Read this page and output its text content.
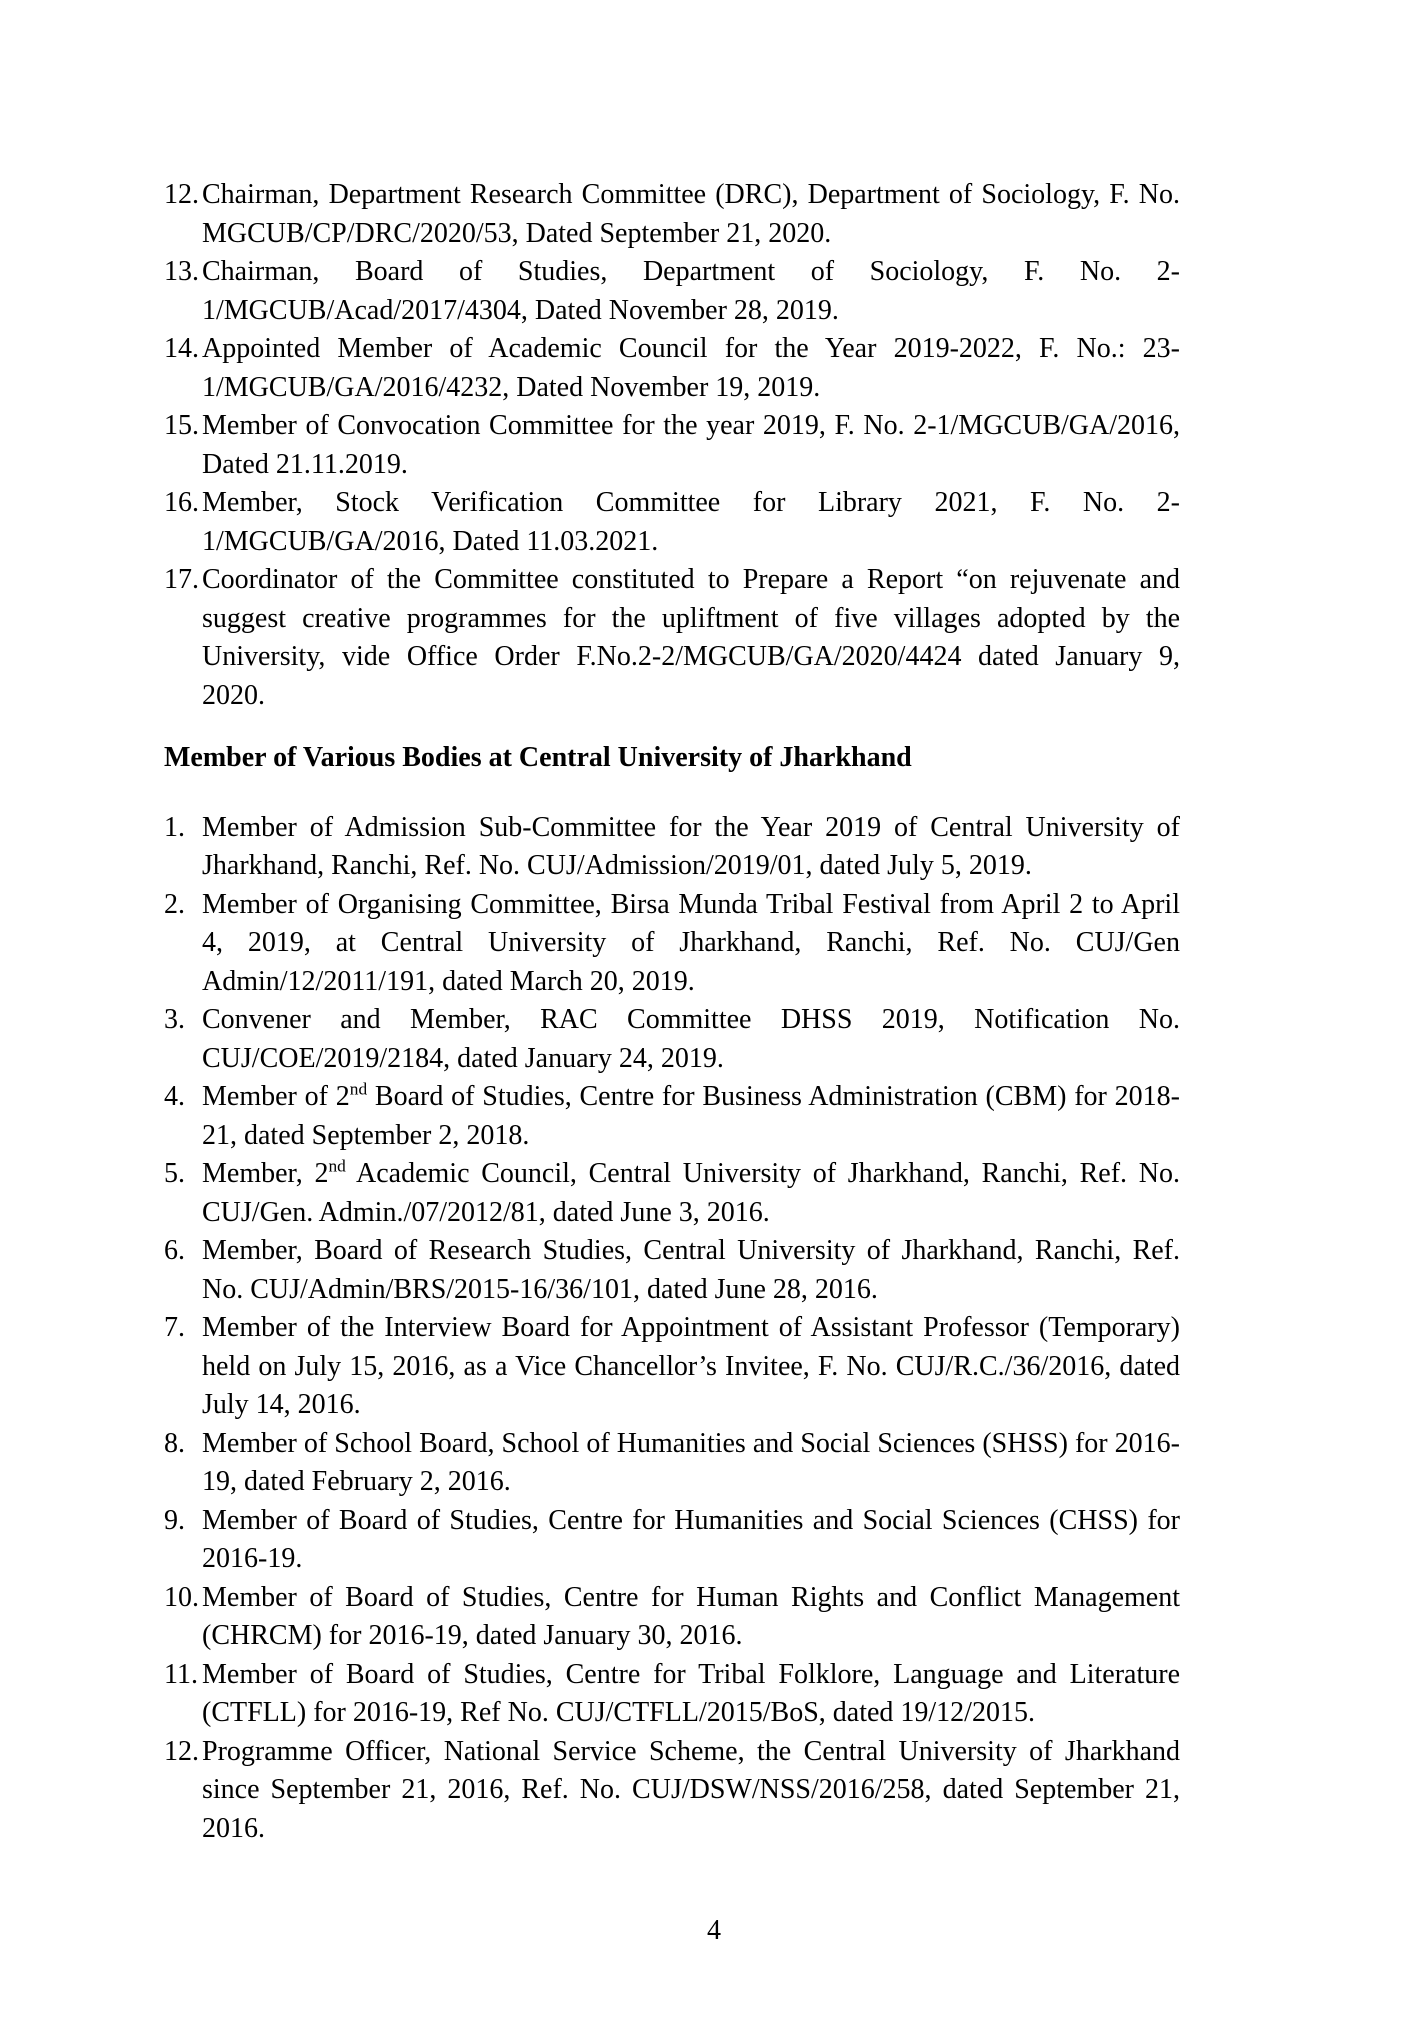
12. Chairman, Department Research Committee (DRC), Department of Sociology, F. No. MGCUB/CP/DRC/2020/53, Dated September 21, 2020.
13. Chairman, Board of Studies, Department of Sociology, F. No. 2-1/MGCUB/Acad/2017/4304, Dated November 28, 2019.
14. Appointed Member of Academic Council for the Year 2019-2022, F. No.: 23-1/MGCUB/GA/2016/4232, Dated November 19, 2019.
15. Member of Convocation Committee for the year 2019, F. No. 2-1/MGCUB/GA/2016, Dated 21.11.2019.
16. Member, Stock Verification Committee for Library 2021, F. No. 2-1/MGCUB/GA/2016, Dated 11.03.2021.
17. Coordinator of the Committee constituted to Prepare a Report “on rejuvenate and suggest creative programmes for the upliftment of five villages adopted by the University, vide Office Order F.No.2-2/MGCUB/GA/2020/4424 dated January 9, 2020.
Member of Various Bodies at Central University of Jharkhand
1. Member of Admission Sub-Committee for the Year 2019 of Central University of Jharkhand, Ranchi, Ref. No. CUJ/Admission/2019/01, dated July 5, 2019.
2. Member of Organising Committee, Birsa Munda Tribal Festival from April 2 to April 4, 2019, at Central University of Jharkhand, Ranchi, Ref. No. CUJ/Gen Admin/12/2011/191, dated March 20, 2019.
3. Convener and Member, RAC Committee DHSS 2019, Notification No. CUJ/COE/2019/2184, dated January 24, 2019.
4. Member of 2nd Board of Studies, Centre for Business Administration (CBM) for 2018-21, dated September 2, 2018.
5. Member, 2nd Academic Council, Central University of Jharkhand, Ranchi, Ref. No. CUJ/Gen. Admin./07/2012/81, dated June 3, 2016.
6. Member, Board of Research Studies, Central University of Jharkhand, Ranchi, Ref. No. CUJ/Admin/BRS/2015-16/36/101, dated June 28, 2016.
7. Member of the Interview Board for Appointment of Assistant Professor (Temporary) held on July 15, 2016, as a Vice Chancellor’s Invitee, F. No. CUJ/R.C./36/2016, dated July 14, 2016.
8. Member of School Board, School of Humanities and Social Sciences (SHSS) for 2016-19, dated February 2, 2016.
9. Member of Board of Studies, Centre for Humanities and Social Sciences (CHSS) for 2016-19.
10. Member of Board of Studies, Centre for Human Rights and Conflict Management (CHRCM) for 2016-19, dated January 30, 2016.
11. Member of Board of Studies, Centre for Tribal Folklore, Language and Literature (CTFLL) for 2016-19, Ref No. CUJ/CTFLL/2015/BoS, dated 19/12/2015.
12. Programme Officer, National Service Scheme, the Central University of Jharkhand since September 21, 2016, Ref. No. CUJ/DSW/NSS/2016/258, dated September 21, 2016.
4
